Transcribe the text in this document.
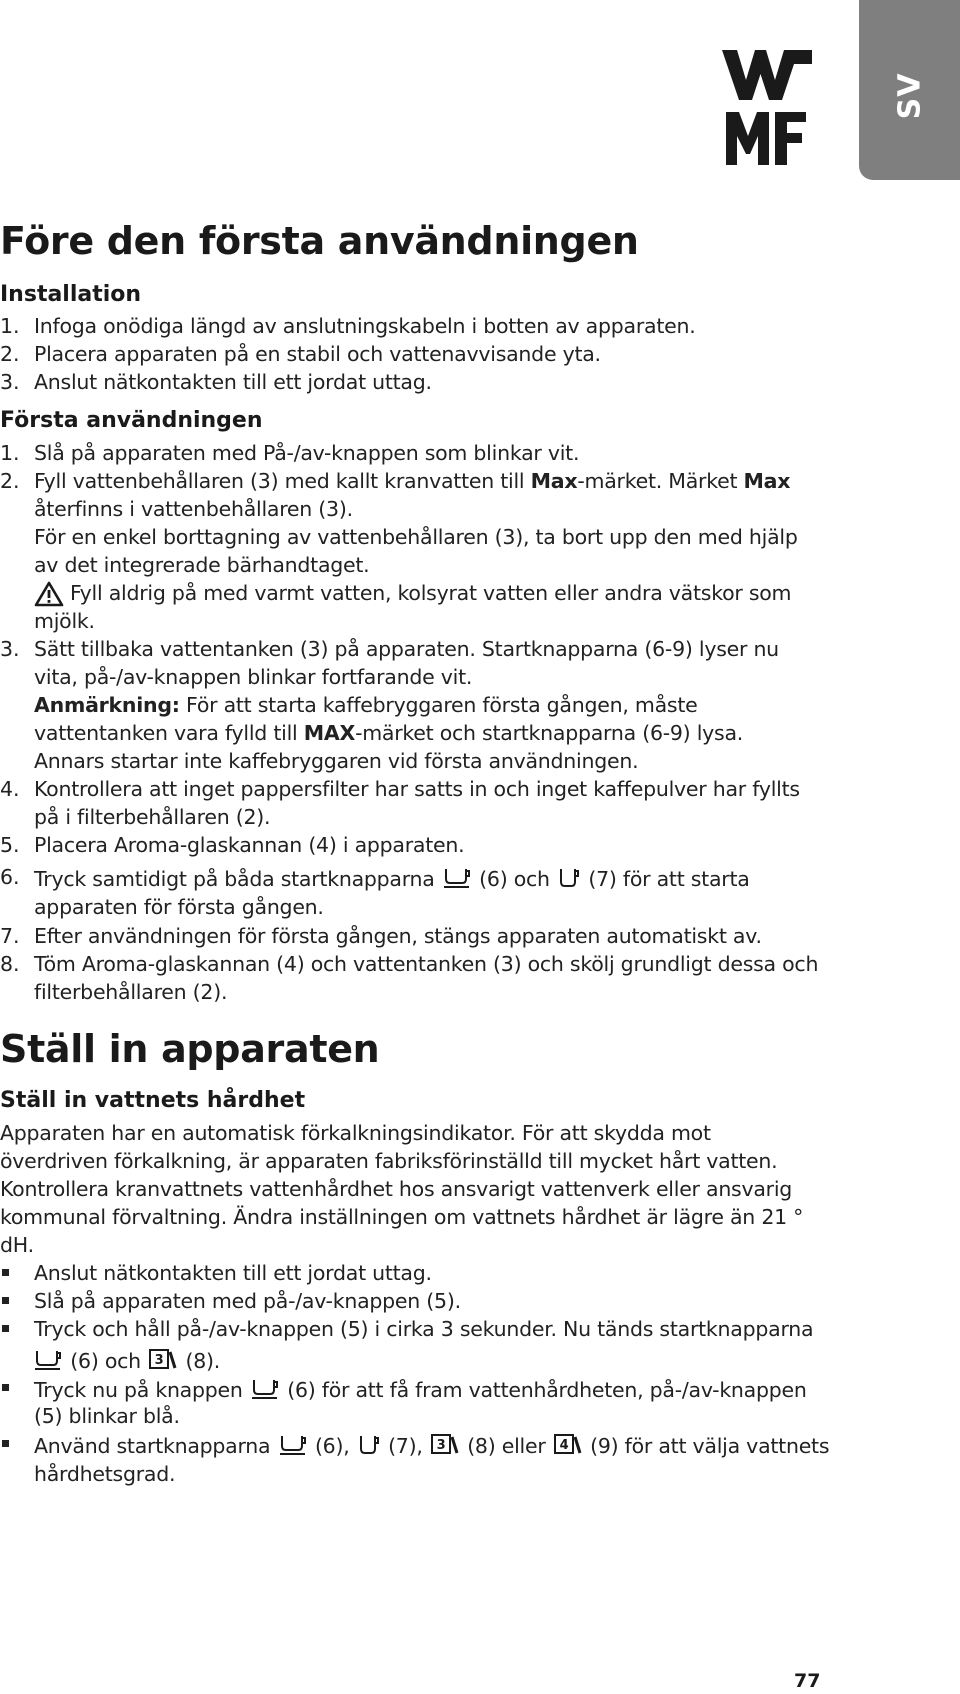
SV
Före den första användningen
Installation
1. Infoga onödiga längd av anslutningskabeln i botten av apparaten.
2. Placera apparaten på en stabil och vattenavvisande yta.
3. Anslut nätkontakten till ett jordat uttag.
Första användningen
1. Slå på apparaten med På-/av-knappen som blinkar vit.
2. Fyll vattenbehållaren (3) med kallt kranvatten till Max-märket. Märket Max
återfinns i vattenbehållaren (3).
För en enkel borttagning av vattenbehållaren (3), ta bort upp den med hjälp
av det integrerade bärhandtaget.
Fyll aldrig på med varmt vatten, kolsyrat vatten eller andra vätskor som
mjölk.
3. Sätt tillbaka vattentanken (3) på apparaten. Startknapparna (6-9) lyser nu
vita, på-/av-knappen blinkar fortfarande vit.
Anmärkning: För att starta kaffebryggaren första gången, måste
vattentanken vara fylld till MAX-märket och startknapparna (6-9) lysa.
Annars startar inte kaffebryggaren vid första användningen.
4. Kontrollera att inget pappersfilter har satts in och inget kaffepulver har fyllts
på i filterbehållaren (2).
5. Placera Aroma-glaskannan (4) i apparaten.
6. Tryck samtidigt på båda startknapparna (6) och (7) för att starta
apparaten för första gången.
7. Efter användningen för första gången, stängs apparaten automatiskt av.
8. Töm Aroma-glaskannan (4) och vattentanken (3) och skölj grundligt dessa och
filterbehållaren (2).
Ställ in apparaten
Ställ in vattnets hårdhet
Apparaten har en automatisk förkalkningsindikator. För att skydda mot
överdriven förkalkning, är apparaten fabriksförinställd till mycket hårt vatten.
Kontrollera kranvattnets vattenhårdhet hos ansvarigt vattenverk eller ansvarig
kommunal förvaltning. Ändra inställningen om vattnets hårdhet är lägre än 21 °
dH.
Anslut nätkontakten till ett jordat uttag.
Slå på apparaten med på-/av-knappen (5).
Tryck och håll på-/av-knappen (5) i cirka 3 sekunder. Nu tänds startknapparna
(6) och 3 (8).
Tryck nu på knappen (6) för att få fram vattenhårdheten, på-/av-knappen
(5) blinkar blå.
Använd startknapparna (6), (7), 3 (8) eller 4 (9) för att välja vattnets
hårdhetsgrad.
77
